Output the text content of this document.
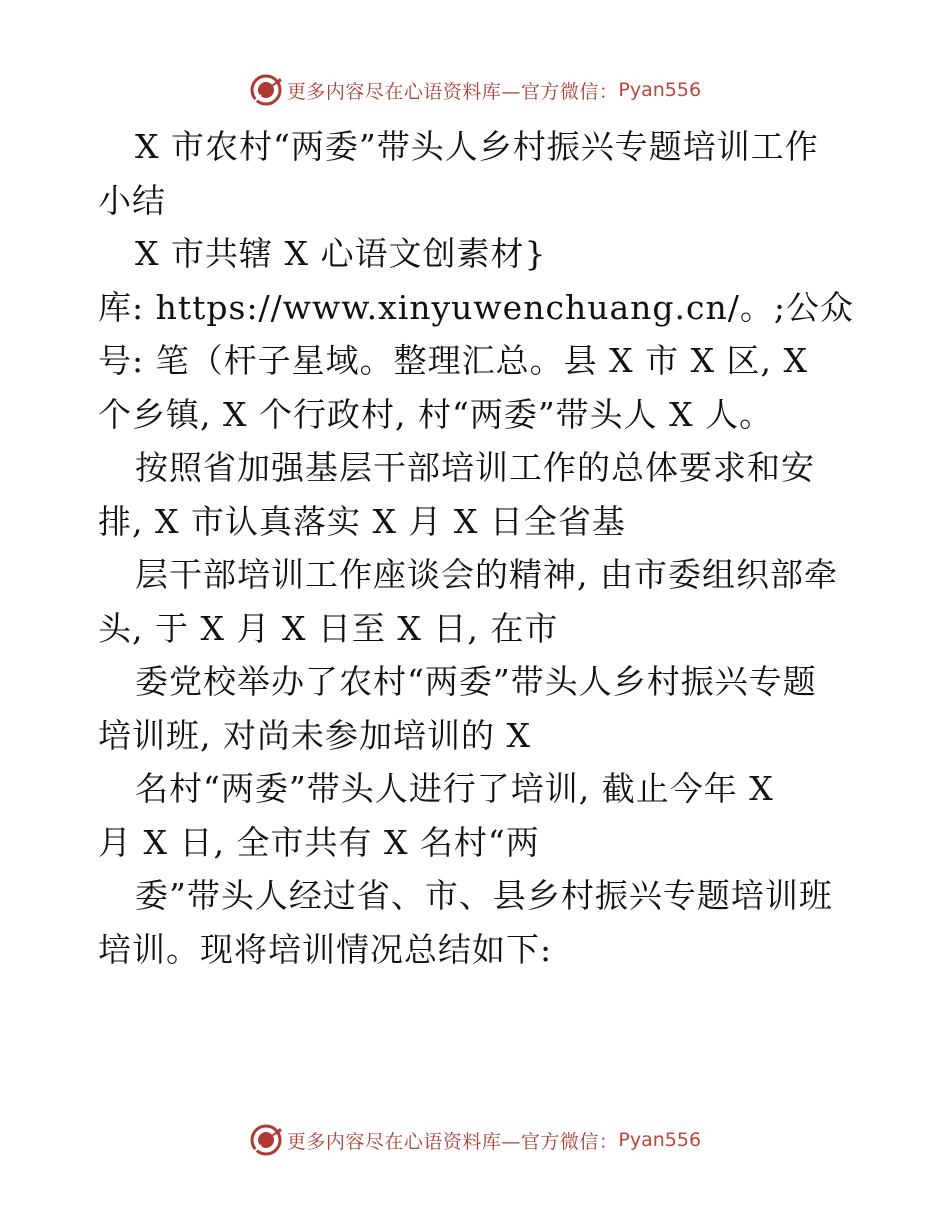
更多内容尽在心语资料库—官方微信： Pyan556
X 市农村“两委”带头人乡村振兴专题培训工作
小结
X 市共辖 X 心语文创素材}
库: https://www.xinyuwenchuang.cn/。;公众
号: 笔（杆子星域。整理汇总。县 X 市 X 区, X
个乡镇, X 个行政村, 村“两委”带头人 X 人。
按照省加强基层干部培训工作的总体要求和安
排, X 市认真落实 X 月 X 日全省基
层干部培训工作座谈会的精神, 由市委组织部牵
头, 于 X 月 X 日至 X 日, 在市
委党校举办了农村“两委”带头人乡村振兴专题
培训班, 对尚未参加培训的 X
名村“两委”带头人进行了培训, 截止今年 X
月 X 日, 全市共有 X 名村“两
委”带头人经过省、市、县乡村振兴专题培训班
培训。现将培训情况总结如下:
更多内容尽在心语资料库—官方微信： Pyan556
